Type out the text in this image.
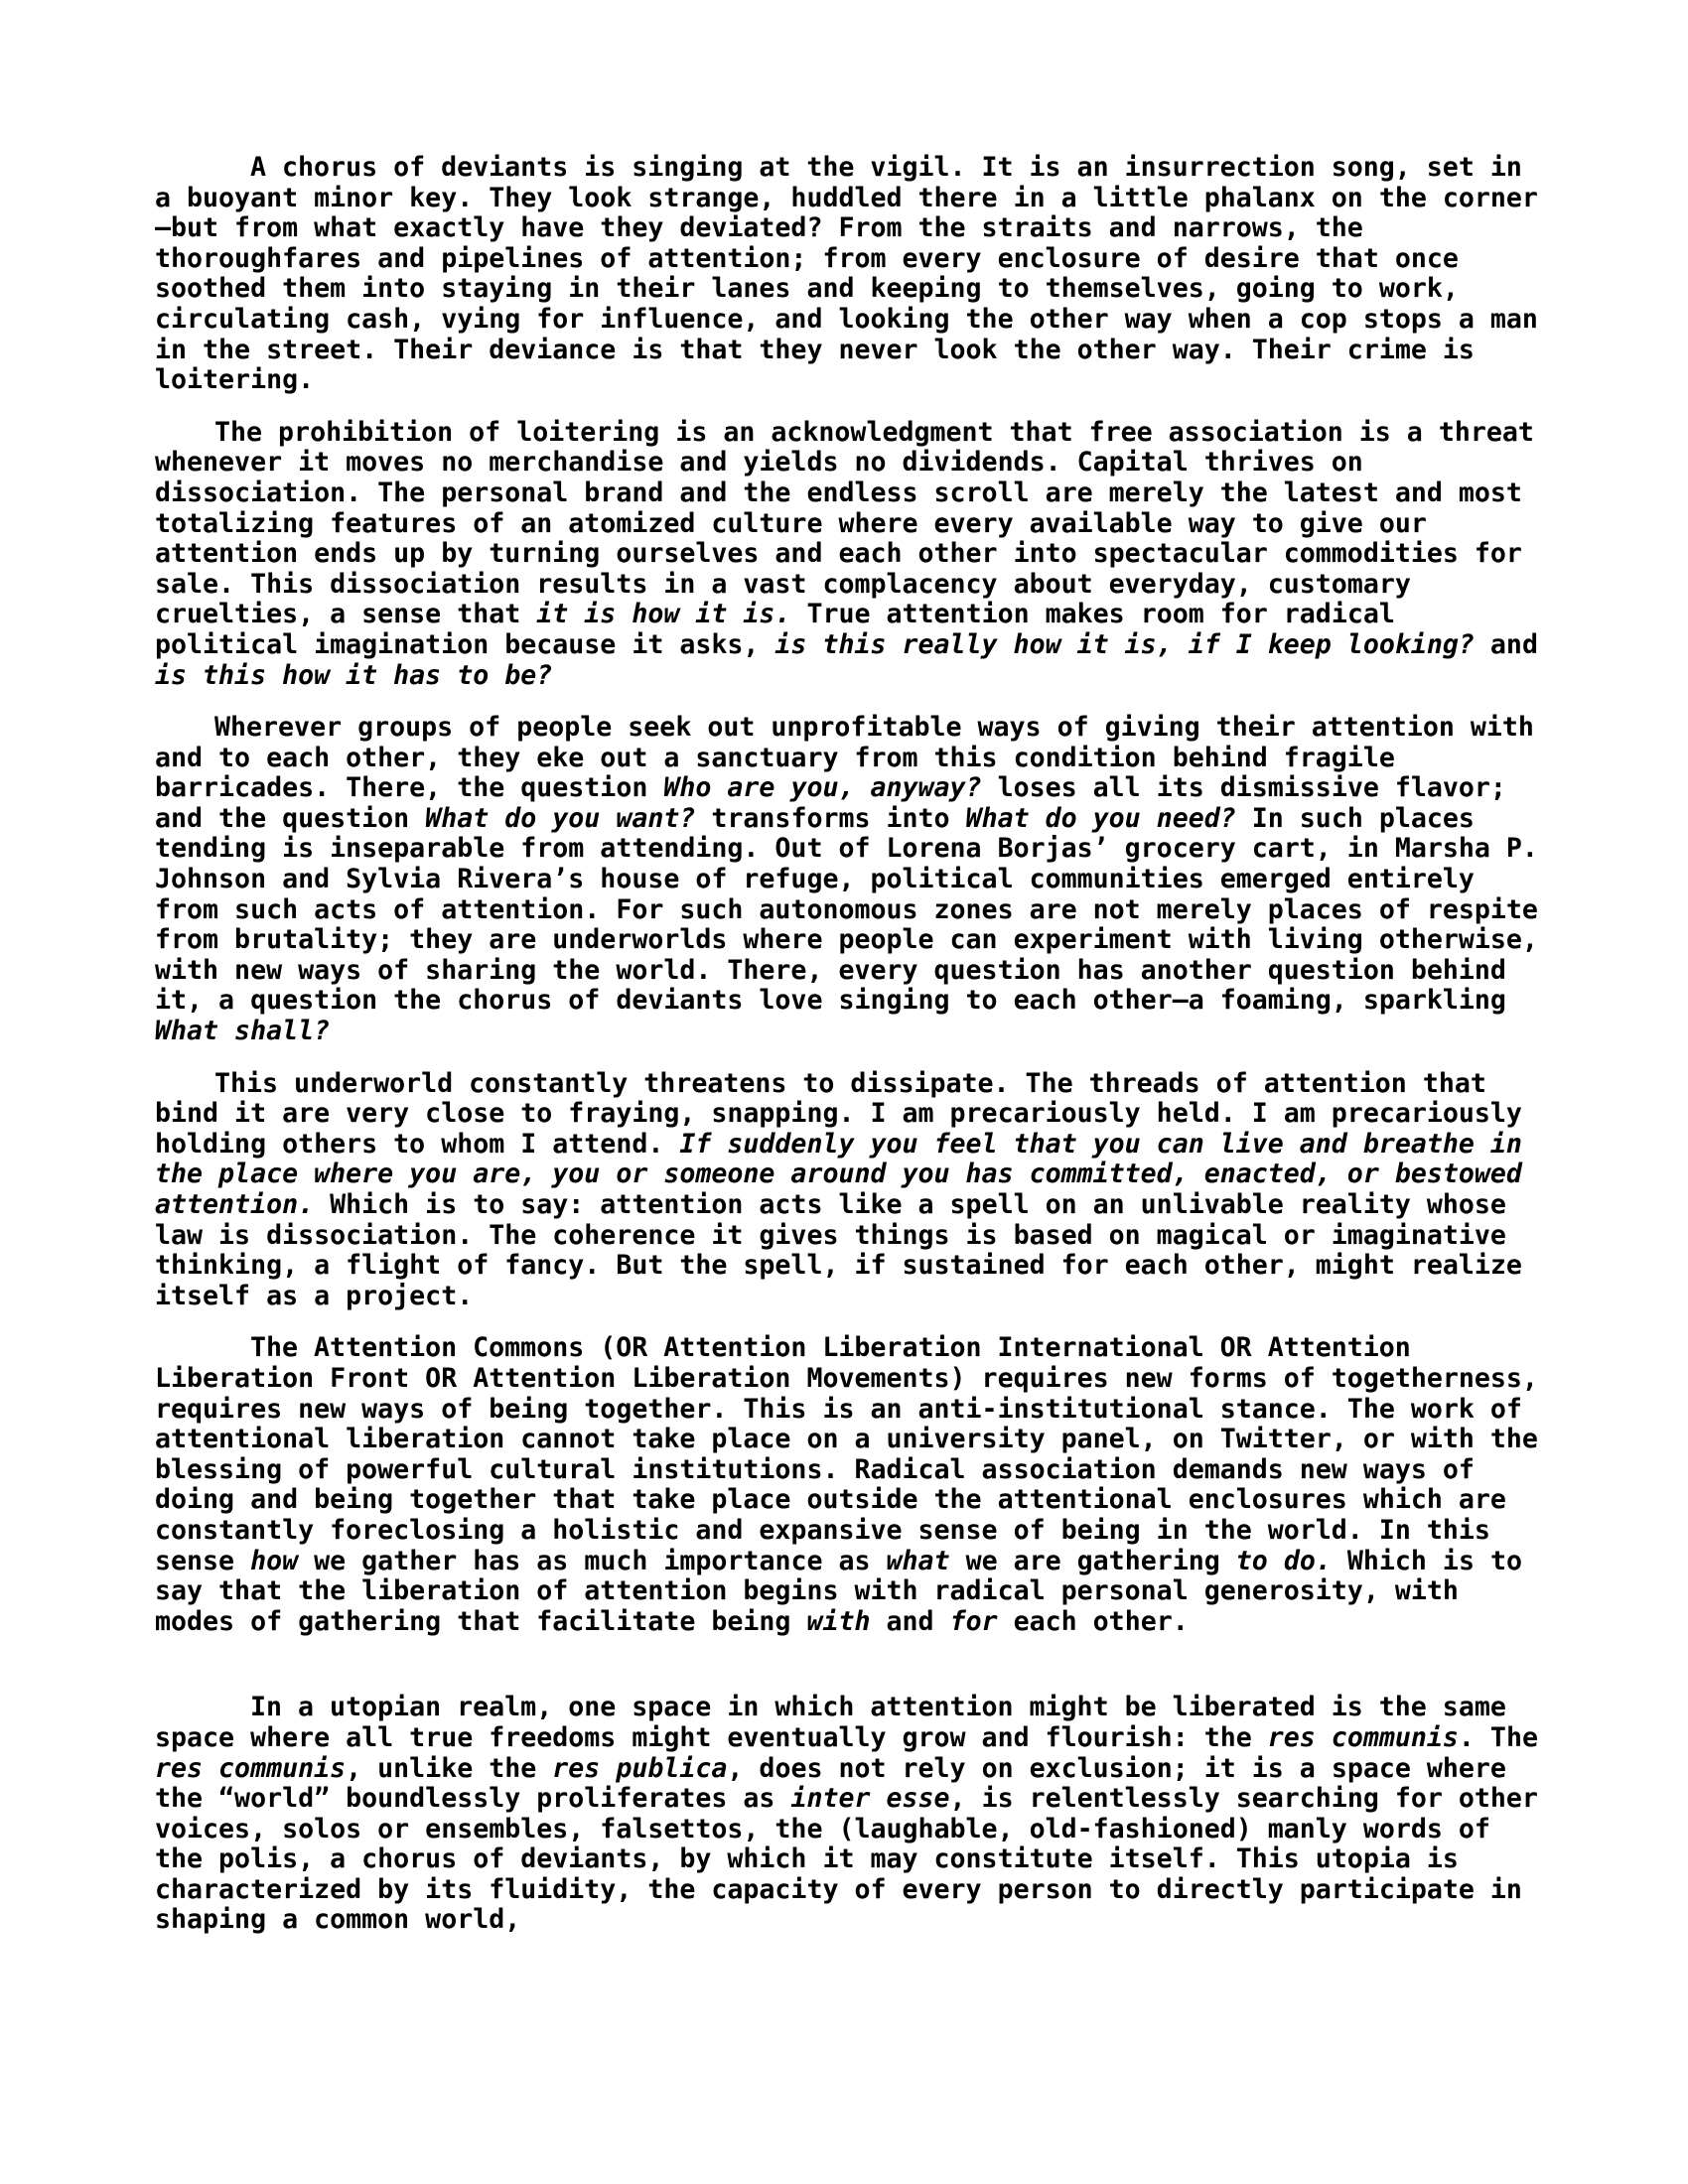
A chorus of deviants is singing at the vigil. It is an insurrection song, set in a buoyant minor key. They look strange, huddled there in a little phalanx on the corner—but from what exactly have they deviated? From the straits and narrows, the thoroughfares and pipelines of attention; from every enclosure of desire that once soothed them into staying in their lanes and keeping to themselves, going to work, circulating cash, vying for influence, and looking the other way when a cop stops a man in the street. Their deviance is that they never look the other way. Their crime is loitering.

The prohibition of loitering is an acknowledgment that free association is a threat whenever it moves no merchandise and yields no dividends. Capital thrives on dissociation. The personal brand and the endless scroll are merely the latest and most totalizing features of an atomized culture where every available way to give our attention ends up by turning ourselves and each other into spectacular commodities for sale. This dissociation results in a vast complacency about everyday, customary cruelties, a sense that it is how it is. True attention makes room for radical political imagination because it asks, is this really how it is, if I keep looking? and is this how it has to be?

Wherever groups of people seek out unprofitable ways of giving their attention with and to each other, they eke out a sanctuary from this condition behind fragile barricades. There, the question Who are you, anyway? loses all its dismissive flavor; and the question What do you want? transforms into What do you need? In such places tending is inseparable from attending. Out of Lorena Borjas’ grocery cart, in Marsha P. Johnson and Sylvia Rivera’s house of refuge, political communities emerged entirely from such acts of attention. For such autonomous zones are not merely places of respite from brutality; they are underworlds where people can experiment with living otherwise, with new ways of sharing the world. There, every question has another question behind it, a question the chorus of deviants love singing to each other—a foaming, sparkling What shall?

This underworld constantly threatens to dissipate. The threads of attention that bind it are very close to fraying, snapping. I am precariously held. I am precariously holding others to whom I attend. If suddenly you feel that you can live and breathe in the place where you are, you or someone around you has committed, enacted, or bestowed attention. Which is to say: attention acts like a spell on an unlivable reality whose law is dissociation. The coherence it gives things is based on magical or imaginative thinking, a flight of fancy. But the spell, if sustained for each other, might realize itself as a project.

The Attention Commons (OR Attention Liberation International OR Attention Liberation Front OR Attention Liberation Movements) requires new forms of togetherness, requires new ways of being together. This is an anti-institutional stance. The work of attentional liberation cannot take place on a university panel, on Twitter, or with the blessing of powerful cultural institutions. Radical association demands new ways of doing and being together that take place outside the attentional enclosures which are constantly foreclosing a holistic and expansive sense of being in the world. In this sense how we gather has as much importance as what we are gathering to do. Which is to say that the liberation of attention begins with radical personal generosity, with modes of gathering that facilitate being with and for each other.

In a utopian realm, one space in which attention might be liberated is the same space where all true freedoms might eventually grow and flourish: the res communis. The res communis, unlike the res publica, does not rely on exclusion; it is a space where the “world” boundlessly proliferates as inter esse, is relentlessly searching for other voices, solos or ensembles, falsettos, the (laughable, old-fashioned) manly words of the polis, a chorus of deviants, by which it may constitute itself. This utopia is characterized by its fluidity, the capacity of every person to directly participate in shaping a common world,
